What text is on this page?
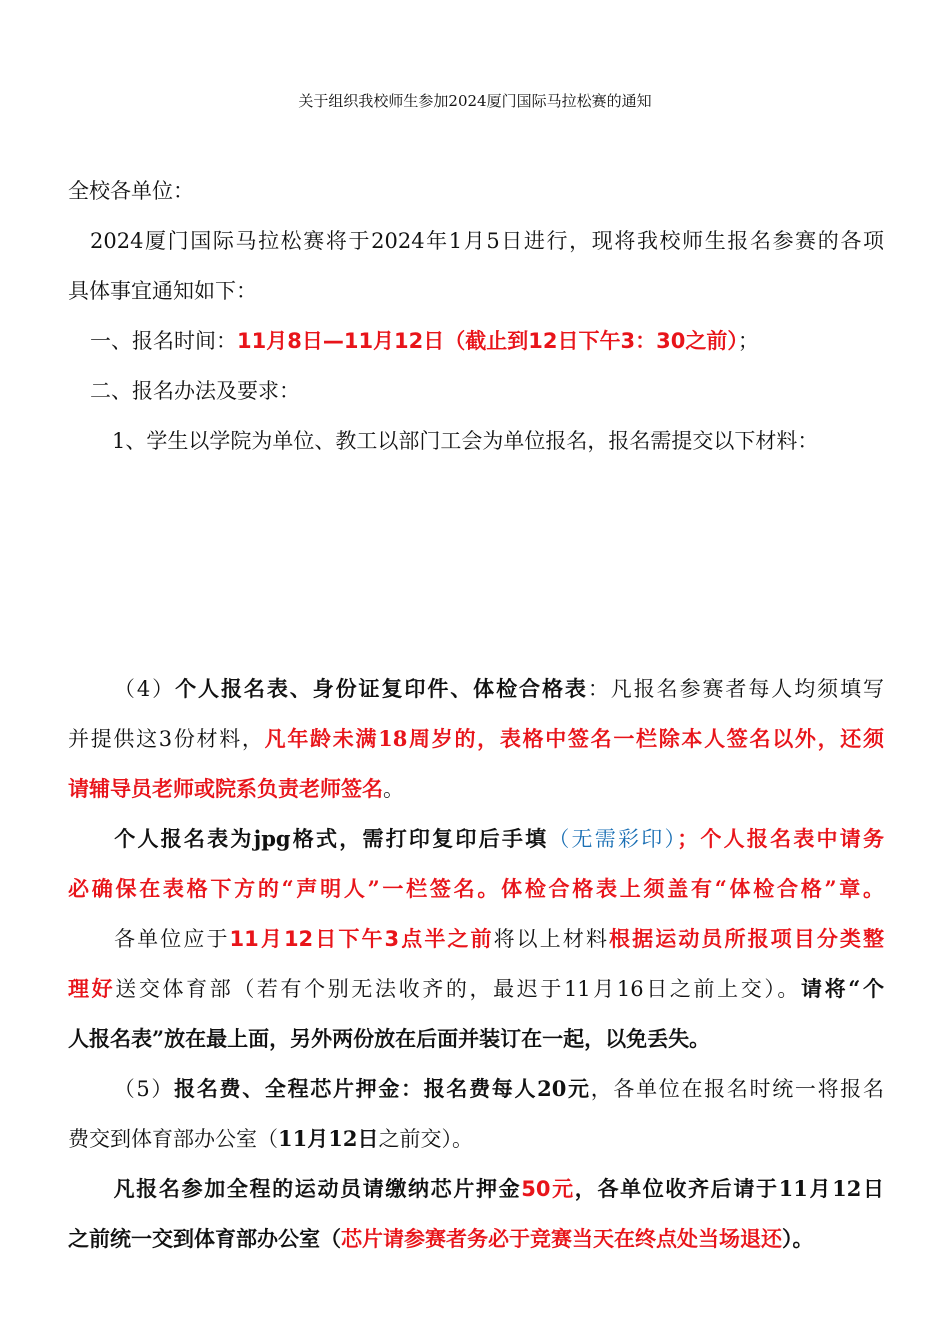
关于组织我校师生参加2024厦门国际马拉松赛的通知
全校各单位：
2024厦门国际马拉松赛将于2024年1月5日进行，现将我校师生报名参赛的各项
具体事宜通知如下：
一、报名时间：11月8日—11月12日（截止到12日下午3：30之前）；
二、报名办法及要求：
1、学生以学院为单位、教工以部门工会为单位报名，报名需提交以下材料：
（4）个人报名表、身份证复印件、体检合格表：凡报名参赛者每人均须填写
并提供这3份材料，凡年龄未满18周岁的，表格中签名一栏除本人签名以外，还须
请辅导员老师或院系负责老师签名。
个人报名表为jpg格式，需打印复印后手填（无需彩印）；个人报名表中请务
必确保在表格下方的“声明人”一栏签名。体检合格表上须盖有“体检合格”章。
各单位应于11月12日下午3点半之前将以上材料根据运动员所报项目分类整
理好送交体育部（若有个别无法收齐的，最迟于11月16日之前上交）。请将“个
人报名表”放在最上面，另外两份放在后面并装订在一起，以免丢失。
（5）报名费、全程芯片押金：报名费每人20元，各单位在报名时统一将报名
费交到体育部办公室（11月12日之前交）。
凡报名参加全程的运动员请缴纳芯片押金50元，各单位收齐后请于11月12日
之前统一交到体育部办公室（芯片请参赛者务必于竞赛当天在终点处当场退还）。
